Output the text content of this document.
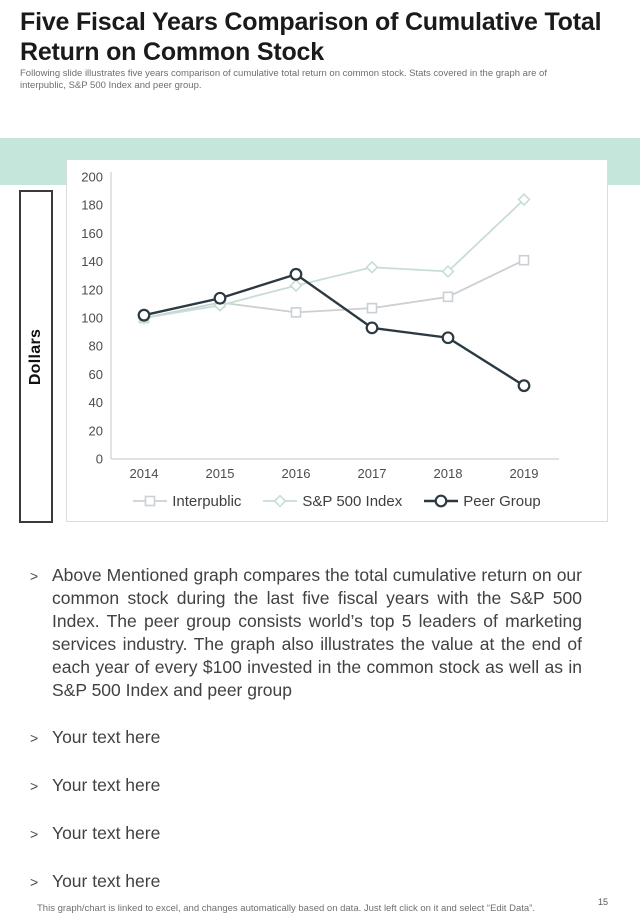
Five Fiscal Years Comparison of Cumulative Total Return on Common Stock
Following slide illustrates five years comparison of cumulative total return on common stock. Stats covered in the graph are of interpublic, S&P 500 Index and peer group.
Dollars
0
20
40
60
80
100
120
140
160
180
200
2014	2015	2016	2017	2018	2019
Interpublic	S&P 500 Index	Peer Group
> Above Mentioned graph compares the total cumulative return on our common stock during the last five fiscal years with the S&P 500 Index. The peer group consists world’s top 5 leaders of marketing services industry. The graph also illustrates the value at the end of each year of every $100 invested in the common stock as well as in S&P 500 Index and peer group
> Your text here
> Your text here
> Your text here
> Your text here
This graph/chart is linked to excel, and changes automatically based on data. Just left click on it and select “Edit Data”.
15
